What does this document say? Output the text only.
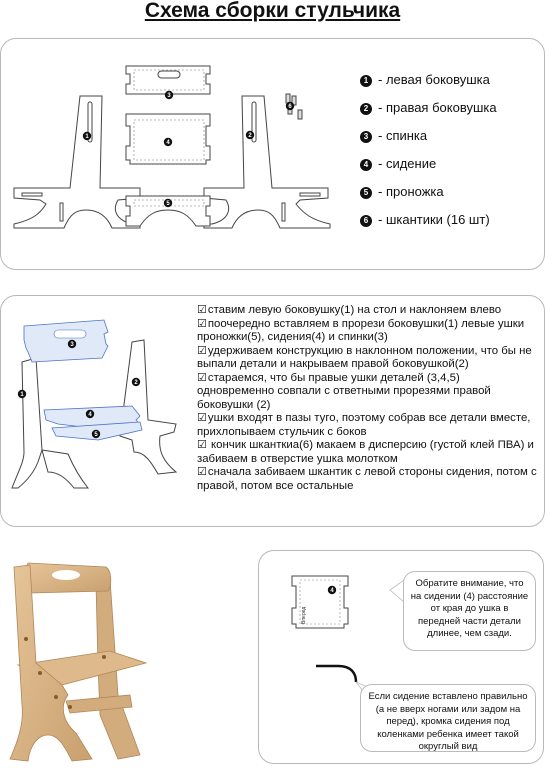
Схема сборки стульчика
1	2
3
4
5
6
1 - левая боковушка
2 - правая боковушка
3 - спинка
4 - сидение
5 - проножка
6 - шкантики (16 шт)
3
1
2
4
5

☑ставим левую боковушку(1) на стол и наклоняем влево

☑поочередно вставляем в прорези боковушки(1) левые ушки проножки(5), сидения(4) и спинки(3)

☑удерживаем конструкцию в наклонном положении, что бы не выпали детали и накрываем правой боковушкой(2)

☑стараемся, что бы правые ушки деталей (3,4,5) одновременно совпали с ответными прорезями правой боковушки (2)

☑ушки входят в пазы туго, поэтому собрав все детали вместе, прихлопываем стульчик с боков

☑ кончик шканткиа(6) макаем в дисперсию (густой клей ПВА) и забиваем в отверстие ушка молотком

☑сначала забиваем шкантик с левой стороны сидения, потом с правой, потом все остальные

4
Вперед
Обратите внимание, что на сидении (4) расстояние от края до ушка в передней части детали длинее, чем сзади.
Если сидение вставлено правильно (а не вверх ногами или задом на перед), кромка сидения под коленками ребенка имеет такой округлый вид
